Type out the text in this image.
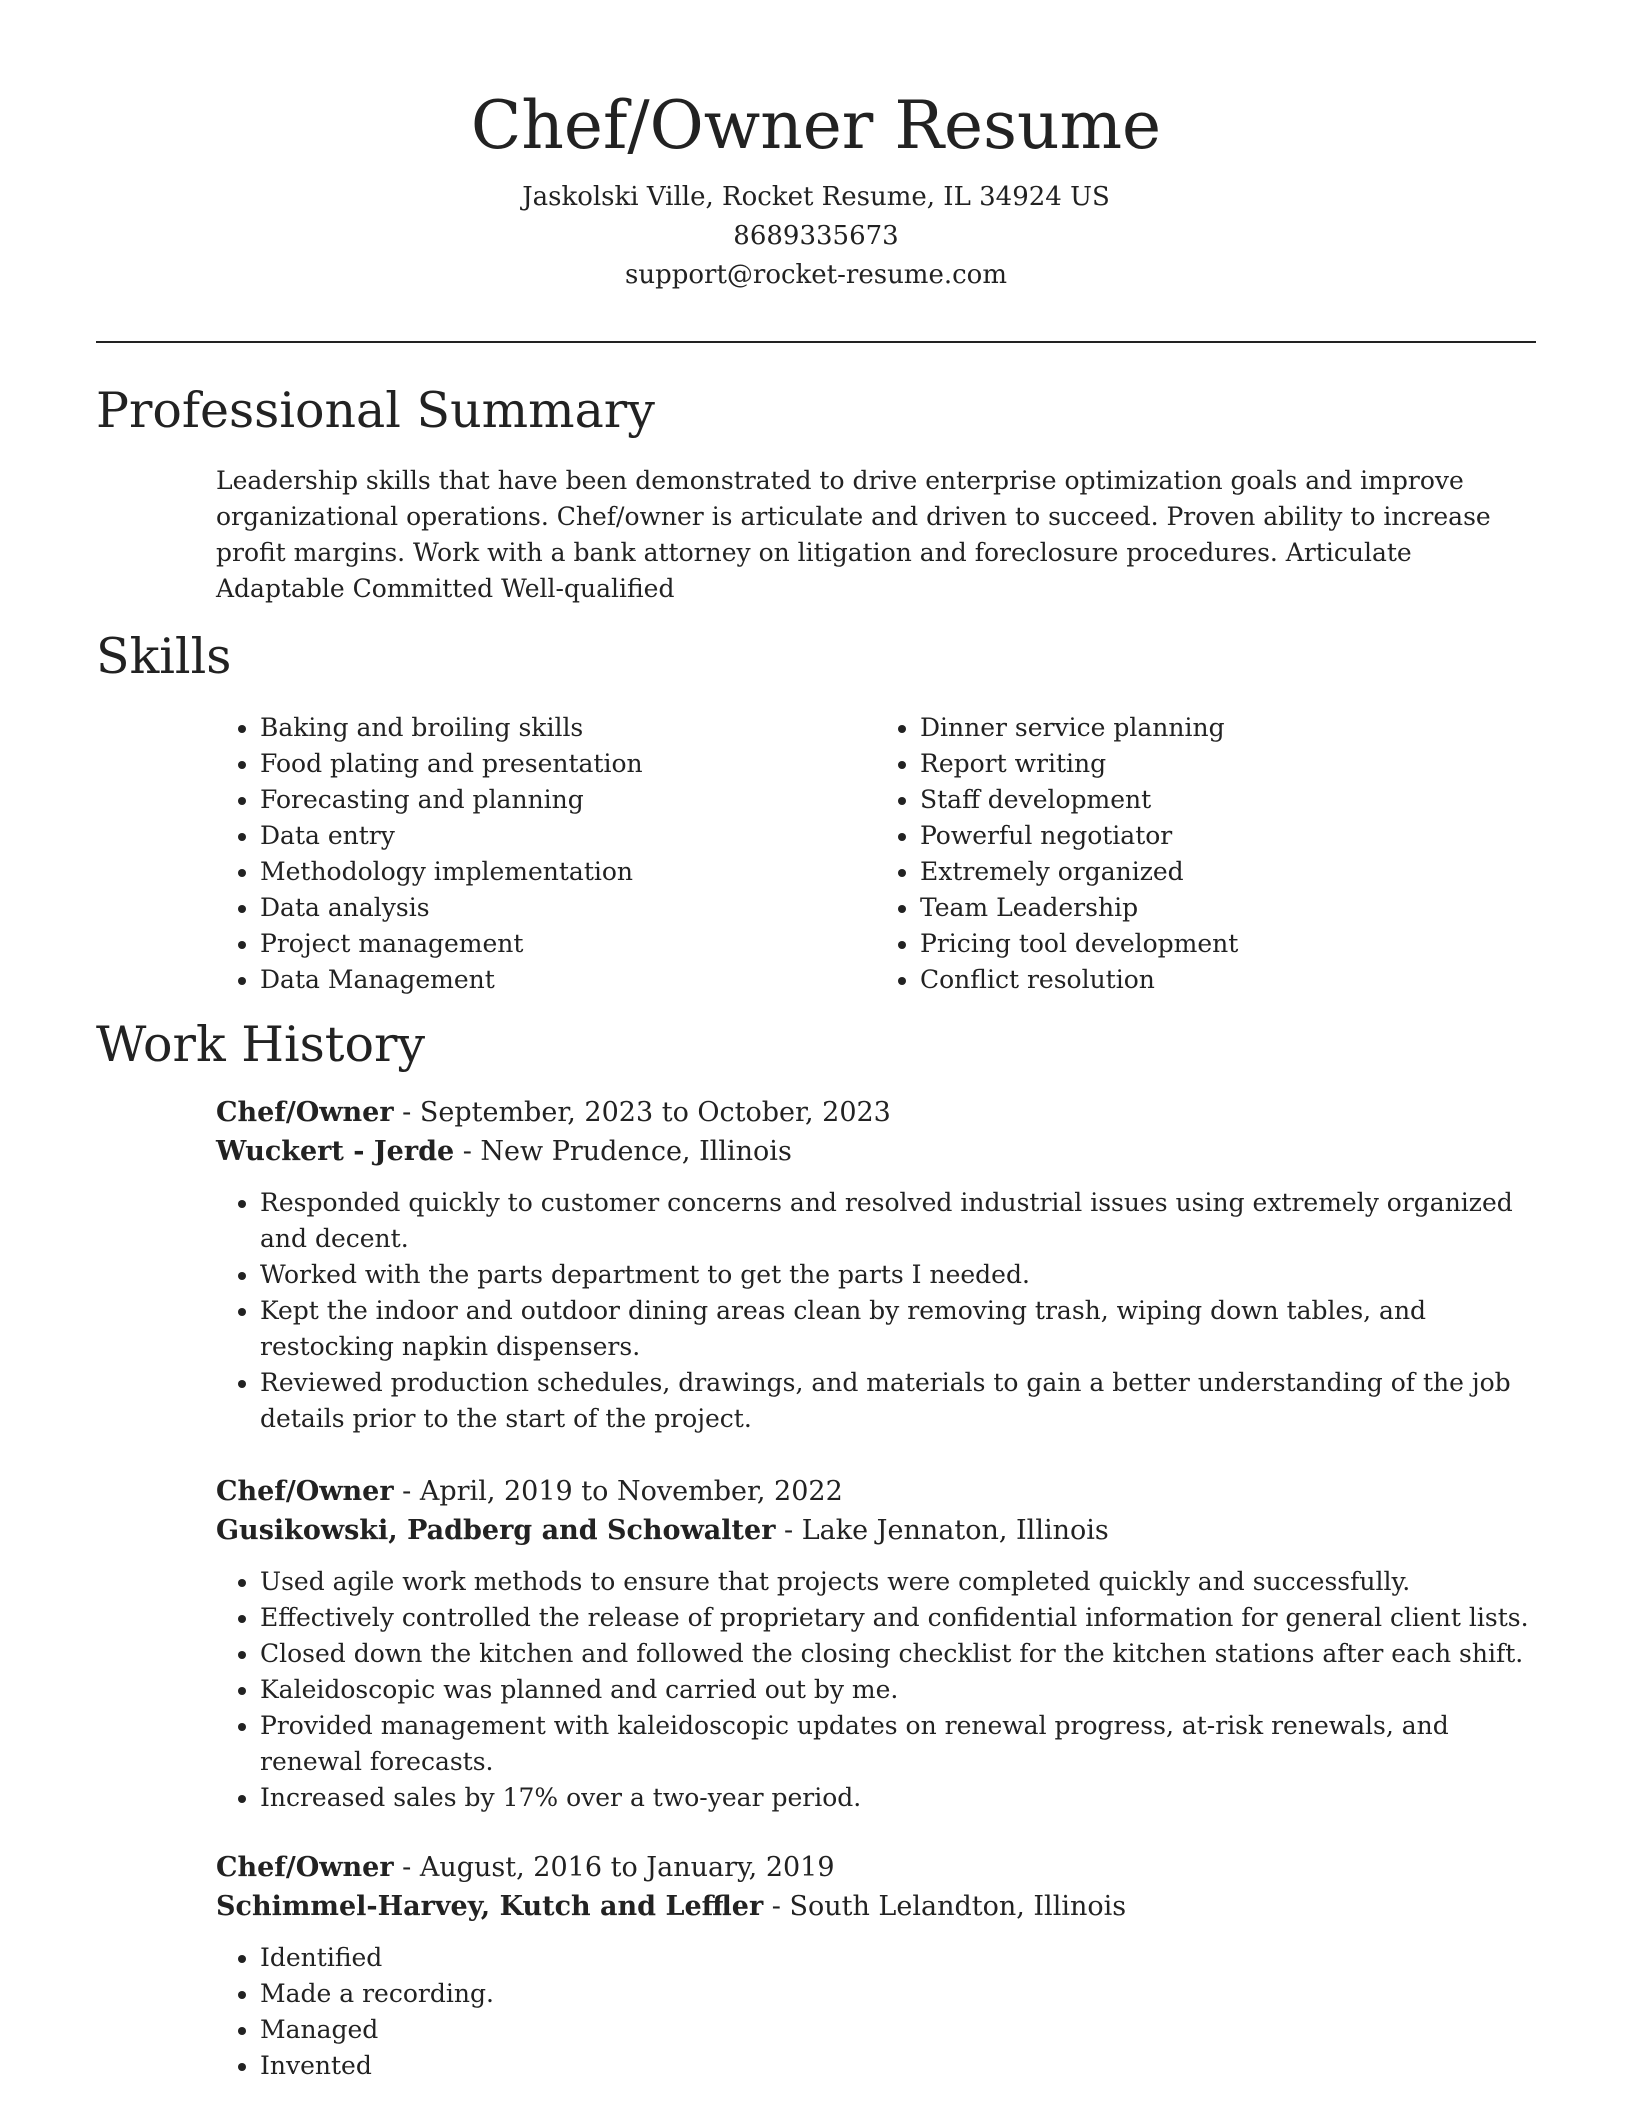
Chef/Owner Resume

Jaskolski Ville, Rocket Resume, IL 34924 US

8689335673

support@rocket-resume.com

Professional Summary

Leadership skills that have been demonstrated to drive enterprise optimization goals and improve organizational operations. Chef/owner is articulate and driven to succeed. Proven ability to increase profit margins. Work with a bank attorney on litigation and foreclosure procedures. Articulate Adaptable Committed Well-qualified

Skills
• Baking and broiling skills
• Food plating and presentation
• Forecasting and planning
• Data entry
• Methodology implementation
• Data analysis
• Project management
• Data Management
• Dinner service planning
• Report writing
• Staff development
• Powerful negotiator
• Extremely organized
• Team Leadership
• Pricing tool development
• Conflict resolution
Work History

Chef/Owner - September, 2023 to October, 2023

Wuckert - Jerde - New Prudence, Illinois

• Responded quickly to customer concerns and resolved industrial issues using extremely organized and decent.
• Worked with the parts department to get the parts I needed.
• Kept the indoor and outdoor dining areas clean by removing trash, wiping down tables, and restocking napkin dispensers.
• Reviewed production schedules, drawings, and materials to gain a better understanding of the job details prior to the start of the project.

Chef/Owner - April, 2019 to November, 2022

Gusikowski, Padberg and Schowalter - Lake Jennaton, Illinois

• Used agile work methods to ensure that projects were completed quickly and successfully.
• Effectively controlled the release of proprietary and confidential information for general client lists.
• Closed down the kitchen and followed the closing checklist for the kitchen stations after each shift.
• Kaleidoscopic was planned and carried out by me.
• Provided management with kaleidoscopic updates on renewal progress, at-risk renewals, and renewal forecasts.
• Increased sales by 17% over a two-year period.

Chef/Owner - August, 2016 to January, 2019

Schimmel-Harvey, Kutch and Leffler - South Lelandton, Illinois

• Identified
• Made a recording.
• Managed
• Invented
